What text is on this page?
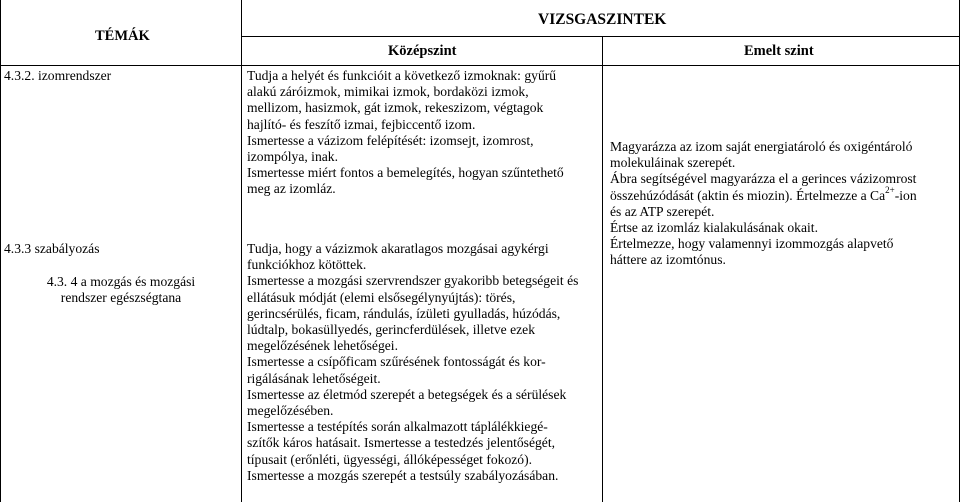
TÉMÁK
VIZSGASZINTEK
Középszint	Emelt szint
4.3.2. izomrendszer
4.3.3 szabályozás
4.3. 4 a mozgás és mozgási
rendszer egészségtana
Tudja a helyét és funkcióit a következő izmoknak: gyűrű
alakú záróizmok, mimikai izmok, bordaközi izmok,
mellizom, hasizmok, gát izmok, rekeszizom, végtagok
hajlító- és feszítő izmai, fejbiccentő izom.
Ismertesse a vázizom felépítését: izomsejt, izomrost,
izompólya, inak.
Ismertesse miért fontos a bemelegítés, hogyan szűntethető
meg az izomláz.
Tudja, hogy a vázizmok akaratlagos mozgásai agykérgi
funkciókhoz kötöttek.
Ismertesse a mozgási szervrendszer gyakoribb betegségeit és
ellátásuk módját (elemi elsősegélynyújtás): törés,
gerincsérülés, ficam, rándulás, ízületi gyulladás, húzódás,
lúdtalp, bokasüllyedés, gerincferdülések, illetve ezek
megelőzésének lehetőségei.
Ismertesse a csípőficam szűrésének fontosságát és kor-
rigálásának lehetőségeit.
Ismertesse az életmód szerepét a betegségek és a sérülések
megelőzésében.
Ismertesse a testépítés során alkalmazott táplálékkiegé-
szítők káros hatásait. Ismertesse a testedzés jelentőségét,
típusait (erőnléti, ügyességi, állóképességet fokozó).
Ismertesse a mozgás szerepét a testsúly szabályozásában.
Magyarázza az izom saját energiatároló és oxigéntároló
molekuláinak szerepét.
Ábra segítségével magyarázza el a gerinces vázizomrost
összehúzódását (aktin és miozin). Értelmezze a $Ca^{2+}$-ion
és az ATP szerepét.
Értse az izomláz kialakulásának okait.
Értelmezze, hogy valamennyi izommozgás alapvető
háttere az izomtónus.
